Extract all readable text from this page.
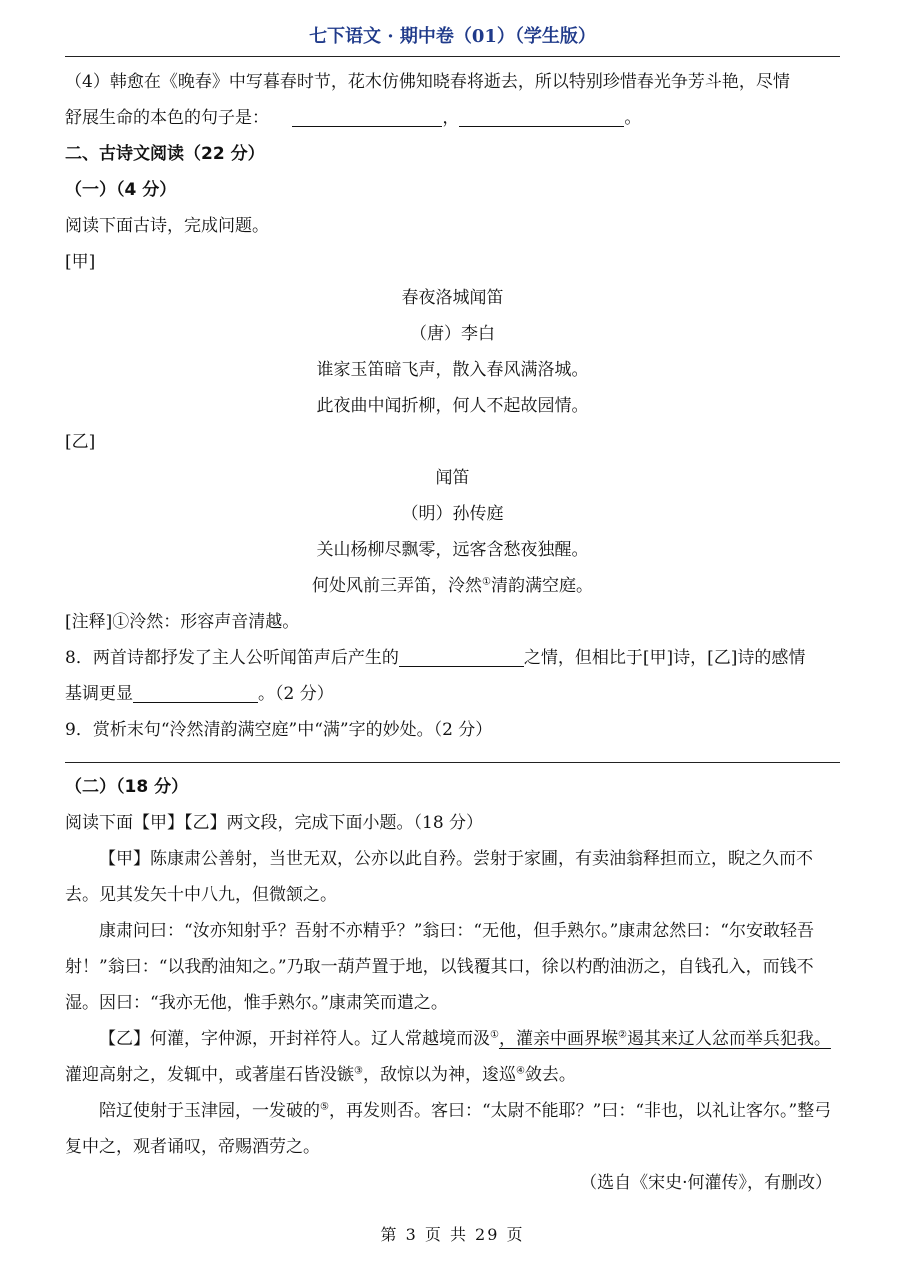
七下语文 · 期中卷（01）（学生版）

（4）韩愈在《晚春》中写暮春时节，花木仿佛知晓春将逝去，所以特别珍惜春光争芳斗艳，尽情

舒展生命的本色的句子是：	，	。

二、古诗文阅读（22 分）

（一）（4 分）

阅读下面古诗，完成问题。

[甲]

春夜洛城闻笛

（唐）李白

谁家玉笛暗飞声，散入春风满洛城。

此夜曲中闻折柳，何人不起故园情。

[乙]

闻笛

（明）孙传庭

关山杨柳尽飘零，远客含愁夜独醒。

何处风前三弄笛，泠然①清韵满空庭。

[注释]①泠然：形容声音清越。

8．两首诗都抒发了主人公听闻笛声后产生的	之情，但相比于[甲]诗，[乙]诗的感情

基调更显	。（2 分）

9．赏析末句“泠然清韵满空庭”中“满”字的妙处。（2 分）

（二）（18 分）

阅读下面【甲】【乙】两文段，完成下面小题。（18 分）

【甲】陈康肃公善射，当世无双，公亦以此自矜。尝射于家圃，有卖油翁释担而立，睨之久而不去。见其发矢十中八九，但微颔之。

康肃问曰：“汝亦知射乎？吾射不亦精乎？”翁曰：“无他，但手熟尔。”康肃忿然曰：“尔安敢轻吾射！”翁曰：“以我酌油知之。”乃取一葫芦置于地，以钱覆其口，徐以杓酌油沥之，自钱孔入，而钱不湿。因曰：“我亦无他，惟手熟尔。”康肃笑而遣之。

【乙】何灌，字仲源，开封祥符人。辽人常越境而汲①，灌亲中画界堠②遏其来辽人忿而举兵犯我。灌迎高射之，发辄中，或著崖石皆没镞③，敌惊以为神，逡巡④敛去。

陪辽使射于玉津园，一发破的⑤，再发则否。客曰：“太尉不能耶？”曰：“非也，以礼让客尔。”整弓复中之，观者诵叹，帝赐酒劳之。

（选自《宋史·何灌传》，有删改）

第 3 页 共 29 页
